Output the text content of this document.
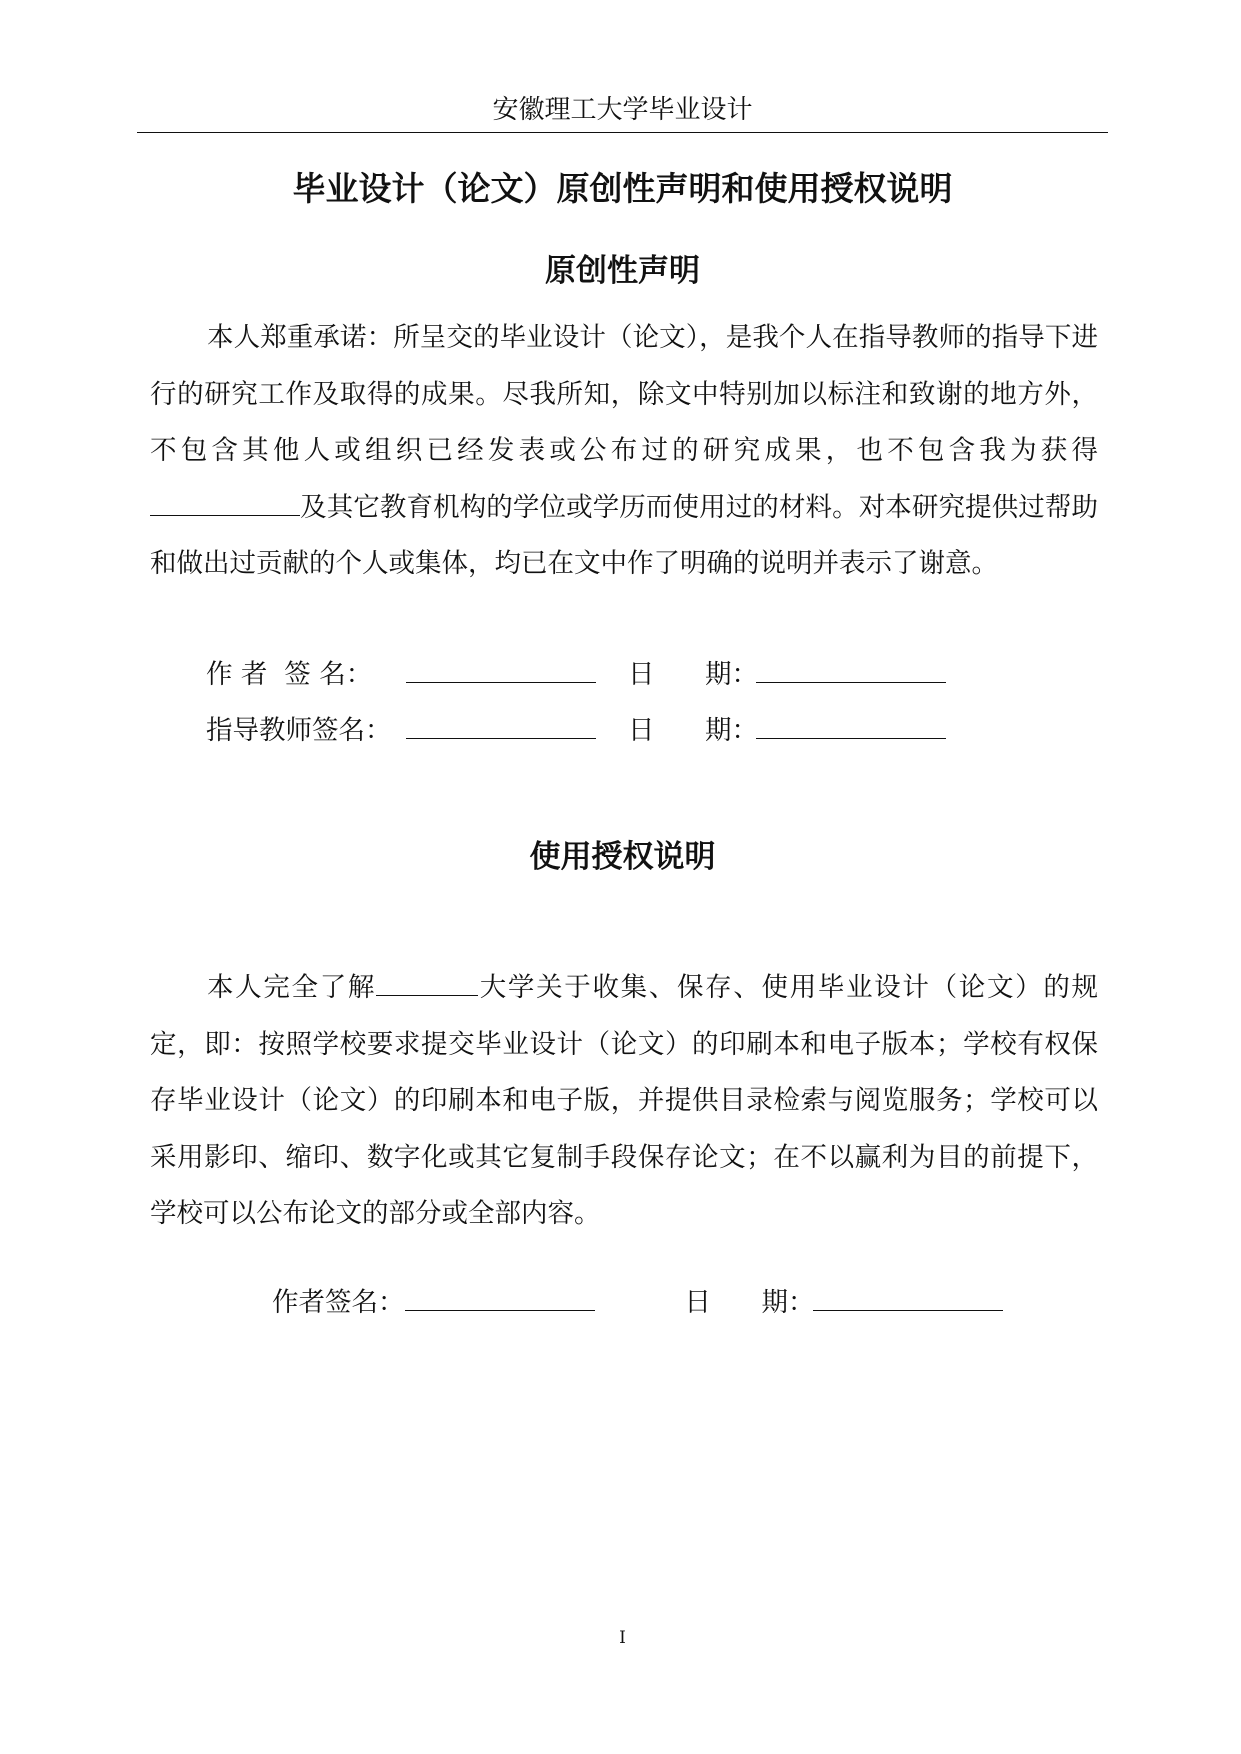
安徽理工大学毕业设计
毕业设计（论文）原创性声明和使用授权说明
原创性声明

本人郑重承诺：所呈交的毕业设计（论文），是我个人在指导教师的指导下进行的研究工作及取得的成果。尽我所知，除文中特别加以标注和致谢的地方外，不包含其他人或组织已经发表或公布过的研究成果，也不包含我为获得及其它教育机构的学位或学历而使用过的材料。对本研究提供过帮助和做出过贡献的个人或集体，均已在文中作了明确的说明并表示了谢意。

作 者  签 名：	日      期：
指导教师签名：	日      期：
使用授权说明

本人完全了解	大学关于收集、保存、使用毕业设计（论文）的规定，即：按照学校要求提交毕业设计（论文）的印刷本和电子版本；学校有权保存毕业设计（论文）的印刷本和电子版，并提供目录检索与阅览服务；学校可以采用影印、缩印、数字化或其它复制手段保存论文；在不以赢利为目的前提下，学校可以公布论文的部分或全部内容。

作者签名：	日      期：
I
